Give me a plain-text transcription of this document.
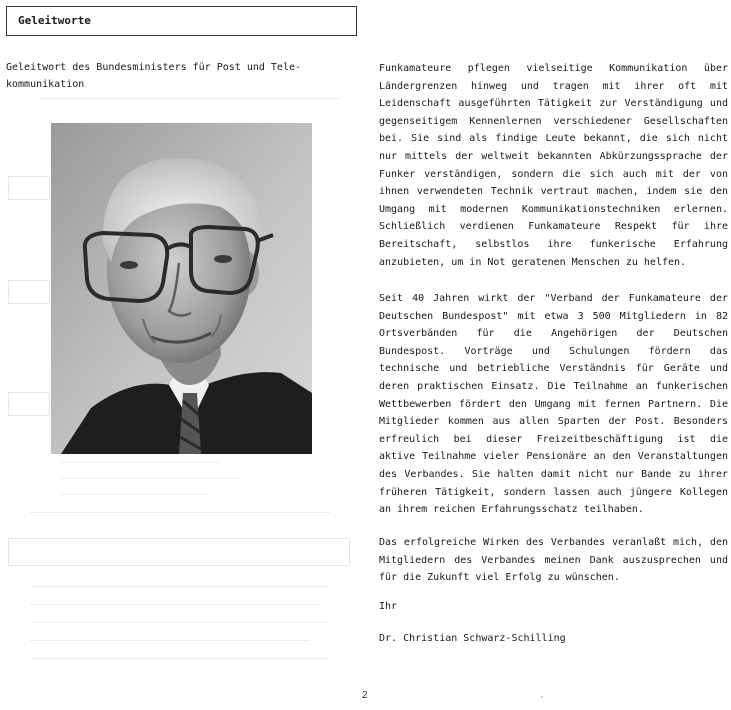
Geleitworte
Geleitwort des Bundesministers für Post und Tele-
kommunikation
Funkamateure pflegen vielseitige Kommunikation über Ländergrenzen hinweg und tragen mit ihrer oft mit Leidenschaft ausgeführten Tätigkeit zur Verständigung und gegenseitigem Kennenlernen verschiedener Gesellschaften bei. Sie sind als findige Leute bekannt, die sich nicht nur mittels der weltweit bekannten Abkürzungssprache der Funker verständigen, sondern die sich auch mit der von ihnen verwendeten Technik vertraut machen, indem sie den Umgang mit modernen Kommunikationstechniken erlernen. Schließlich verdienen Funkamateure Respekt für ihre Bereitschaft, selbstlos ihre funkerische Erfahrung anzubieten, um in Not geratenen Menschen zu helfen.
Seit 40 Jahren wirkt der "Verband der Funkamateure der Deutschen Bundespost" mit etwa 3 500 Mitgliedern in 82 Ortsverbänden für die Angehörigen der Deutschen Bundespost. Vorträge und Schulungen fördern das technische und betriebliche Verständnis für Geräte und deren praktischen Einsatz. Die Teilnahme an funkerischen Wettbewerben fördert den Umgang mit fernen Partnern. Die Mitglieder kommen aus allen Sparten der Post. Besonders erfreulich bei dieser Freizeitbeschäftigung ist die aktive Teilnahme vieler Pensionäre an den Veranstaltungen des Verbandes. Sie halten damit nicht nur Bande zu ihrer früheren Tätigkeit, sondern lassen auch jüngere Kollegen an ihrem reichen Erfahrungsschatz teilhaben.
Das erfolgreiche Wirken des Verbandes veranlaßt mich, den Mitgliedern des Verbandes meinen Dank auszusprechen und für die Zukunft viel Erfolg zu wünschen.
Ihr
Dr. Christian Schwarz-Schilling
2
